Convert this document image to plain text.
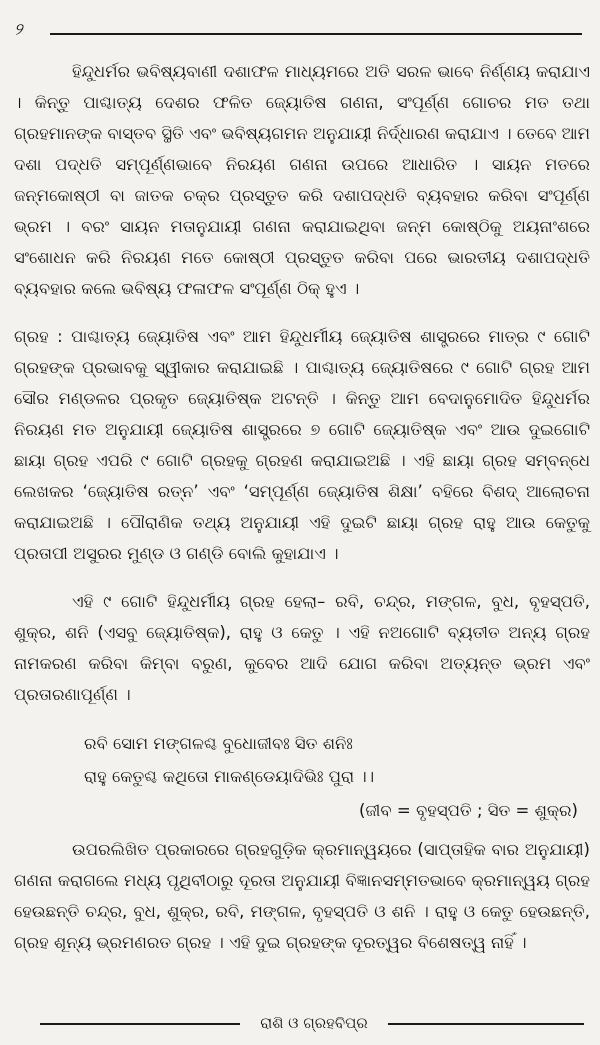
୨

ହିନ୍ଦୁଧର୍ମର ଭବିଷ୍ୟବାଣୀ ଦଶାଫଳ ମାଧ୍ୟମରେ ଅତି ସରଳ ଭାବେ ନିର୍ଣ୍ଣୟ କରାଯାଏ । କିନ୍ତୁ ପାଶ୍ଚାତ୍ୟ ଦେଶର ଫଳିତ ଜ୍ୟୋତିଷ ଗଣନା, ସଂପୂର୍ଣ୍ଣ ଗୋଚର ମତ ତଥା ଗ୍ରହମାନଙ୍କ ବାସ୍ତବ ସ୍ଥିତି ଏବଂ ଭବିଷ୍ୟଗମନ ଅନୁଯାୟୀ ନିର୍ଦ୍ଧାରଣ କରାଯାଏ । ତେବେ ଆମ ଦଶା ପଦ୍ଧତି ସମ୍ପୂର୍ଣ୍ଣଭାବେ ନିରୟଣ ଗଣନା ଉପରେ ଆଧାରିତ । ସାୟନ ମତରେ ଜନ୍ମକୋଷ୍ଠୀ ବା ଜାତକ ଚକ୍ର ପ୍ରସ୍ତୁତ କରି ଦଶାପଦ୍ଧତି ବ୍ୟବହାର କରିବା ସଂପୂର୍ଣ୍ଣ ଭ୍ରମ । ବରଂ ସାୟନ ମତାନୁଯାୟୀ ଗଣନା କରାଯାଇଥିବା ଜନ୍ମ କୋଷ୍ଠିକୁ ଅୟନାଂଶରେ ସଂଶୋଧନ କରି ନିରୟଣ ମତେ କୋଷ୍ଠୀ ପ୍ରସ୍ତୁତ କରିବା ପରେ ଭାରତୀୟ ଦଶାପଦ୍ଧତି ବ୍ୟବହାର କଲେ ଭବିଷ୍ୟ ଫଳାଫଳ ସଂପୂର୍ଣ୍ଣ ଠିକ୍ ହୁଏ ।

ଗ୍ରହ : ପାଶ୍ଚାତ୍ୟ ଜ୍ୟୋତିଷ ଏବଂ ଆମ ହିନ୍ଦୁଧର୍ମୀୟ ଜ୍ୟୋତିଷ ଶାସ୍ତ୍ରରେ ମାତ୍ର ୯ ଗୋଟି ଗ୍ରହଙ୍କ ପ୍ରଭାବକୁ ସ୍ୱୀକାର କରାଯାଇଛି । ପାଶ୍ଚାତ୍ୟ ଜ୍ୟୋତିଷରେ ୯ ଗୋଟି ଗ୍ରହ ଆମ ସୌର ମଣ୍ଡଳର ପ୍ରକୃତ ଜ୍ୟୋତିଷ୍କ ଅଟନ୍ତି । କିନ୍ତୁ ଆମ ବେଦାନୁମୋଦିତ ହିନ୍ଦୁଧର୍ମର ନିରୟଣ ମତ ଅନୁଯାୟୀ ଜ୍ୟୋତିଷ ଶାସ୍ତ୍ରରେ ୭ ଗୋଟି ଜ୍ୟୋତିଷ୍କ ଏବଂ ଆଉ ଦୁଇଗୋଟି ଛାୟା ଗ୍ରହ ଏପରି ୯ ଗୋଟି ଗ୍ରହକୁ ଗ୍ରହଣ କରାଯାଇଅଛି । ଏହି ଛାୟା ଗ୍ରହ ସମ୍ବନ୍ଧେ ଲେଖକର ‘ଜ୍ୟୋତିଷ ରତ୍ନ’ ଏବଂ ‘ସମ୍ପୂର୍ଣ୍ଣ ଜ୍ୟୋତିଷ ଶିକ୍ଷା’ ବହିରେ ବିଶଦ୍ ଆଲୋଚନା କରାଯାଇଅଛି । ପୌରାଣିକ ତଥ୍ୟ ଅନୁଯାୟୀ ଏହି ଦୁଇଟି ଛାୟା ଗ୍ରହ ରାହୁ ଆଉ କେତୁକୁ ପ୍ରତାପୀ ଅସୁରର ମୁଣ୍ଡ ଓ ଗଣ୍ଡି ବୋଲି କୁହାଯାଏ ।

ଏହି ୯ ଗୋଟି ହିନ୍ଦୁଧର୍ମୀୟ ଗ୍ରହ ହେଲା– ରବି, ଚନ୍ଦ୍ର, ମଙ୍ଗଳ, ବୁଧ, ବୃହସ୍ପତି, ଶୁକ୍ର, ଶନି (ଏସବୁ ଜ୍ୟୋତିଷ୍କ), ରାହୁ ଓ କେତୁ । ଏହି ନଅଗୋଟି ବ୍ୟତୀତ ଅନ୍ୟ ଗ୍ରହ ନାମକରଣ କରିବା କିମ୍ବା ବରୁଣ, କୁବେର ଆଦି ଯୋଗ କରିବା ଅତ୍ୟନ୍ତ ଭ୍ରମ ଏବଂ ପ୍ରତାରଣାପୂର୍ଣ୍ଣ ।

ରବି ସୋମ ମଙ୍ଗଳଶ୍ଚ ବୁଧୋଜୀବଃ ସିତ ଶନିଃ

ରାହୁ କେତୁଶ୍ଚ କଥିତୋ ମାକଣ୍ଡେୟାଦିଭିଃ ପୁରା ।।

(ଜୀବ = ବୃହସ୍ପତି ; ସିତ = ଶୁକ୍ର)

ଉପରଲିଖିତ ପ୍ରକାରରେ ଗ୍ରହଗୁଡ଼ିକ କ୍ରମାନ୍ୱୟରେ (ସାପ୍ତାହିକ ବାର ଅନୁଯାୟୀ) ଗଣନା କରାଗଲେ ମଧ୍ୟ ପୃଥିବୀଠାରୁ ଦୂରତା ଅନୁଯାୟୀ ବିଜ୍ଞାନସମ୍ମତଭାବେ କ୍ରମାନ୍ୱୟ ଗ୍ରହ ହେଉଛନ୍ତି ଚନ୍ଦ୍ର, ବୁଧ, ଶୁକ୍ର, ରବି, ମଙ୍ଗଳ, ବୃହସ୍ପତି ଓ ଶନି । ରାହୁ ଓ କେତୁ ହେଉଛନ୍ତି, ଗ୍ରହ ଶୂନ୍ୟ ଭ୍ରମଣରତ ଗ୍ରହ । ଏହି ଦୁଇ ଗ୍ରହଙ୍କ ଦୂରତ୍ୱର ବିଶେଷତ୍ୱ ନାହିଁ ।

ରାଶି ଓ ଗ୍ରହବିପ୍ର
